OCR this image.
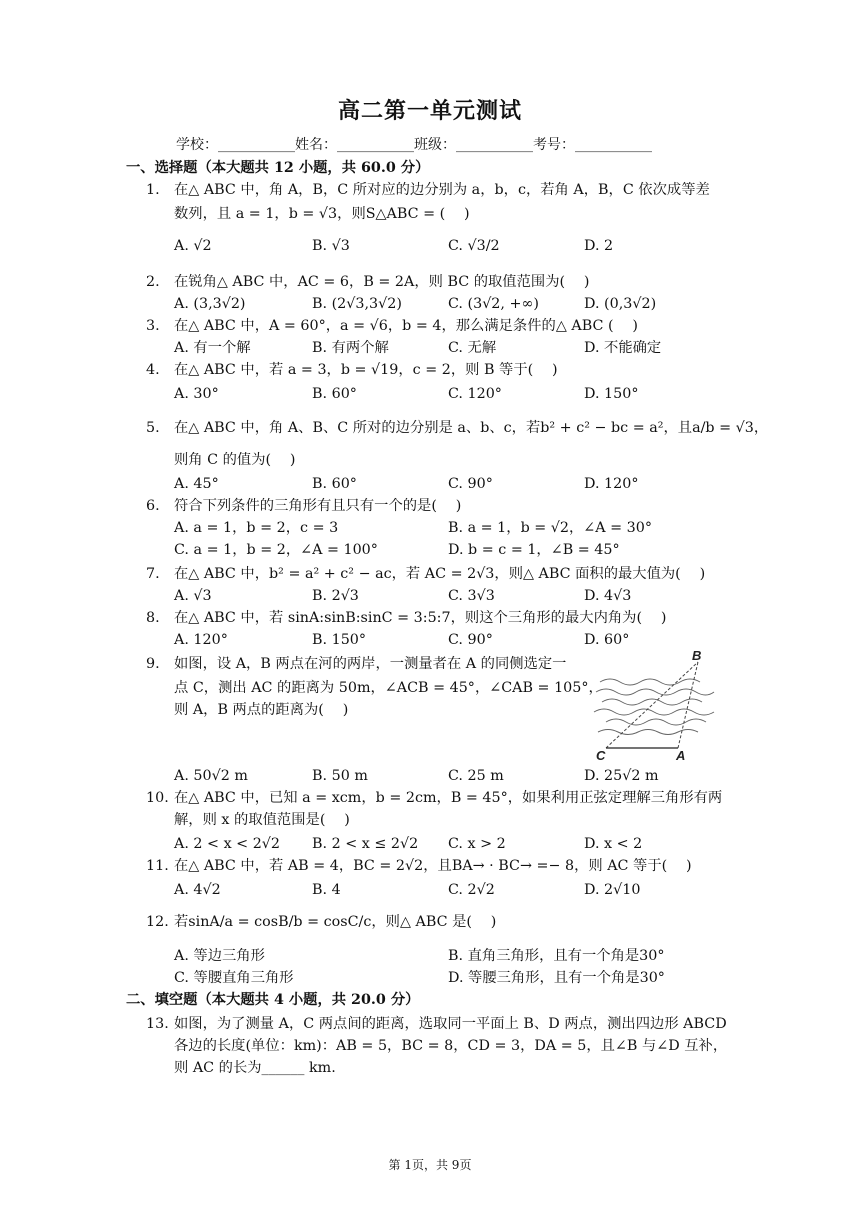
高二第一单元测试
学校：___________姓名：___________班级：___________考号：___________
一、选择题（本大题共 12 小题，共 60.0 分）
1. 在△ ABC 中，角 A，B，C 所对应的边分别为 a，b，c，若角 A，B，C 依次成等差
数列，且 a = 1，b = √3，则S△ABC = (　 )
A. √2	B. √3	C. √3/2	D. 2
2. 在锐角△ ABC 中，AC = 6，B = 2A，则 BC 的取值范围为(　 )
A. (3,3√2)	B. (2√3,3√2)	C. (3√2, +∞)	D. (0,3√2)
3. 在△ ABC 中，A = 60°，a = √6，b = 4，那么满足条件的△ ABC (　 )
A. 有一个解	B. 有两个解	C. 无解	D. 不能确定
4. 在△ ABC 中，若 a = 3，b = √19，c = 2，则 B 等于(　 )
A. 30°	B. 60°	C. 120°	D. 150°
5. 在△ ABC 中，角 A、B、C 所对的边分别是 a、b、c，若b² + c² − bc = a²，且a/b = √3，
则角 C 的值为(　 )
A. 45°	B. 60°	C. 90°	D. 120°
6. 符合下列条件的三角形有且只有一个的是(　 )
A. a = 1，b = 2，c = 3	B. a = 1，b = √2，∠A = 30°
C. a = 1，b = 2，∠A = 100°	D. b = c = 1，∠B = 45°
7. 在△ ABC 中，b² = a² + c² − ac，若 AC = 2√3，则△ ABC 面积的最大值为(　 )
A. √3	B. 2√3	C. 3√3	D. 4√3
8. 在△ ABC 中，若 sinA:sinB:sinC = 3:5:7，则这个三角形的最大内角为(　 )
A. 120°	B. 150°	C. 90°	D. 60°
9. 如图，设 A，B 两点在河的两岸，一测量者在 A 的同侧选定一
点 C，测出 AC 的距离为 50m，∠ACB = 45°，∠CAB = 105°，
则 A，B 两点的距离为(　 )
B
C	A
A. 50√2 m	B. 50 m	C. 25 m	D. 25√2 m
10. 在△ ABC 中，已知 a = xcm，b = 2cm，B = 45°，如果利用正弦定理解三角形有两
解，则 x 的取值范围是(　 )
A. 2 < x < 2√2 B. 2 < x ≤ 2√2 C. x > 2	D. x < 2
11. 在△ ABC 中，若 AB = 4，BC = 2√2，且BA→ · BC→ =− 8，则 AC 等于(　 )
A. 4√2	B. 4	C. 2√2	D. 2√10
12. 若sinA/a = cosB/b = cosC/c，则△ ABC 是(　 )
A. 等边三角形	B. 直角三角形，且有一个角是30°
C. 等腰直角三角形	D. 等腰三角形，且有一个角是30°
二、填空题（本大题共 4 小题，共 20.0 分）
13. 如图，为了测量 A，C 两点间的距离，选取同一平面上 B、D 两点，测出四边形 ABCD
各边的长度(单位：km)：AB = 5，BC = 8，CD = 3，DA = 5，且∠B 与∠D 互补，
则 AC 的长为______ km.
第 1页，共 9页
